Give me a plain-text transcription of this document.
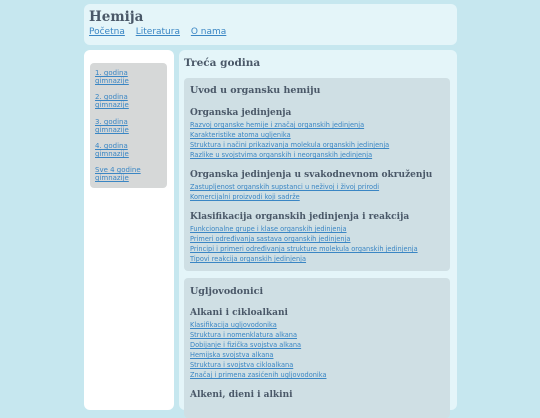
Hemija
Početna Literatura O nama
1. godina
gimnazije
2. godina
gimnazije
3. godina
gimnazije
4. godina
gimnazije
Sve 4 godine
gimnazije
Treća godina
Uvod u organsku hemiju
Organska jedinjenja
Razvoj organske hemije i značaj organskih jedinjenja
Karakteristike atoma ugljenika
Struktura i načini prikazivanja molekula organskih jedinjenja
Razlike u svojstvima organskih i neorganskih jedinjenja
Organska jedinjenja u svakodnevnom okruženju
Zastupljenost organskih supstanci u neživoj i živoj prirodi
Komercijalni proizvodi koji sadrže
Klasifikacija organskih jedinjenja i reakcija
Funkcionalne grupe i klase organskih jedinjenja
Primeri određivanja sastava organskih jedinjenja
Principi i primeri određivanja strukture molekula organskih jedinjenja
Tipovi reakcija organskih jedinjenja
Ugljovodonici
Alkani i cikloalkani
Klasifikacija ugljovodonika
Struktura i nomenklatura alkana
Dobijanje i fizička svojstva alkana
Hemijska svojstva alkana
Struktura i svojstva cikloalkana
Značaj i primena zasićenih ugljovodonika
Alkeni, dieni i alkini
